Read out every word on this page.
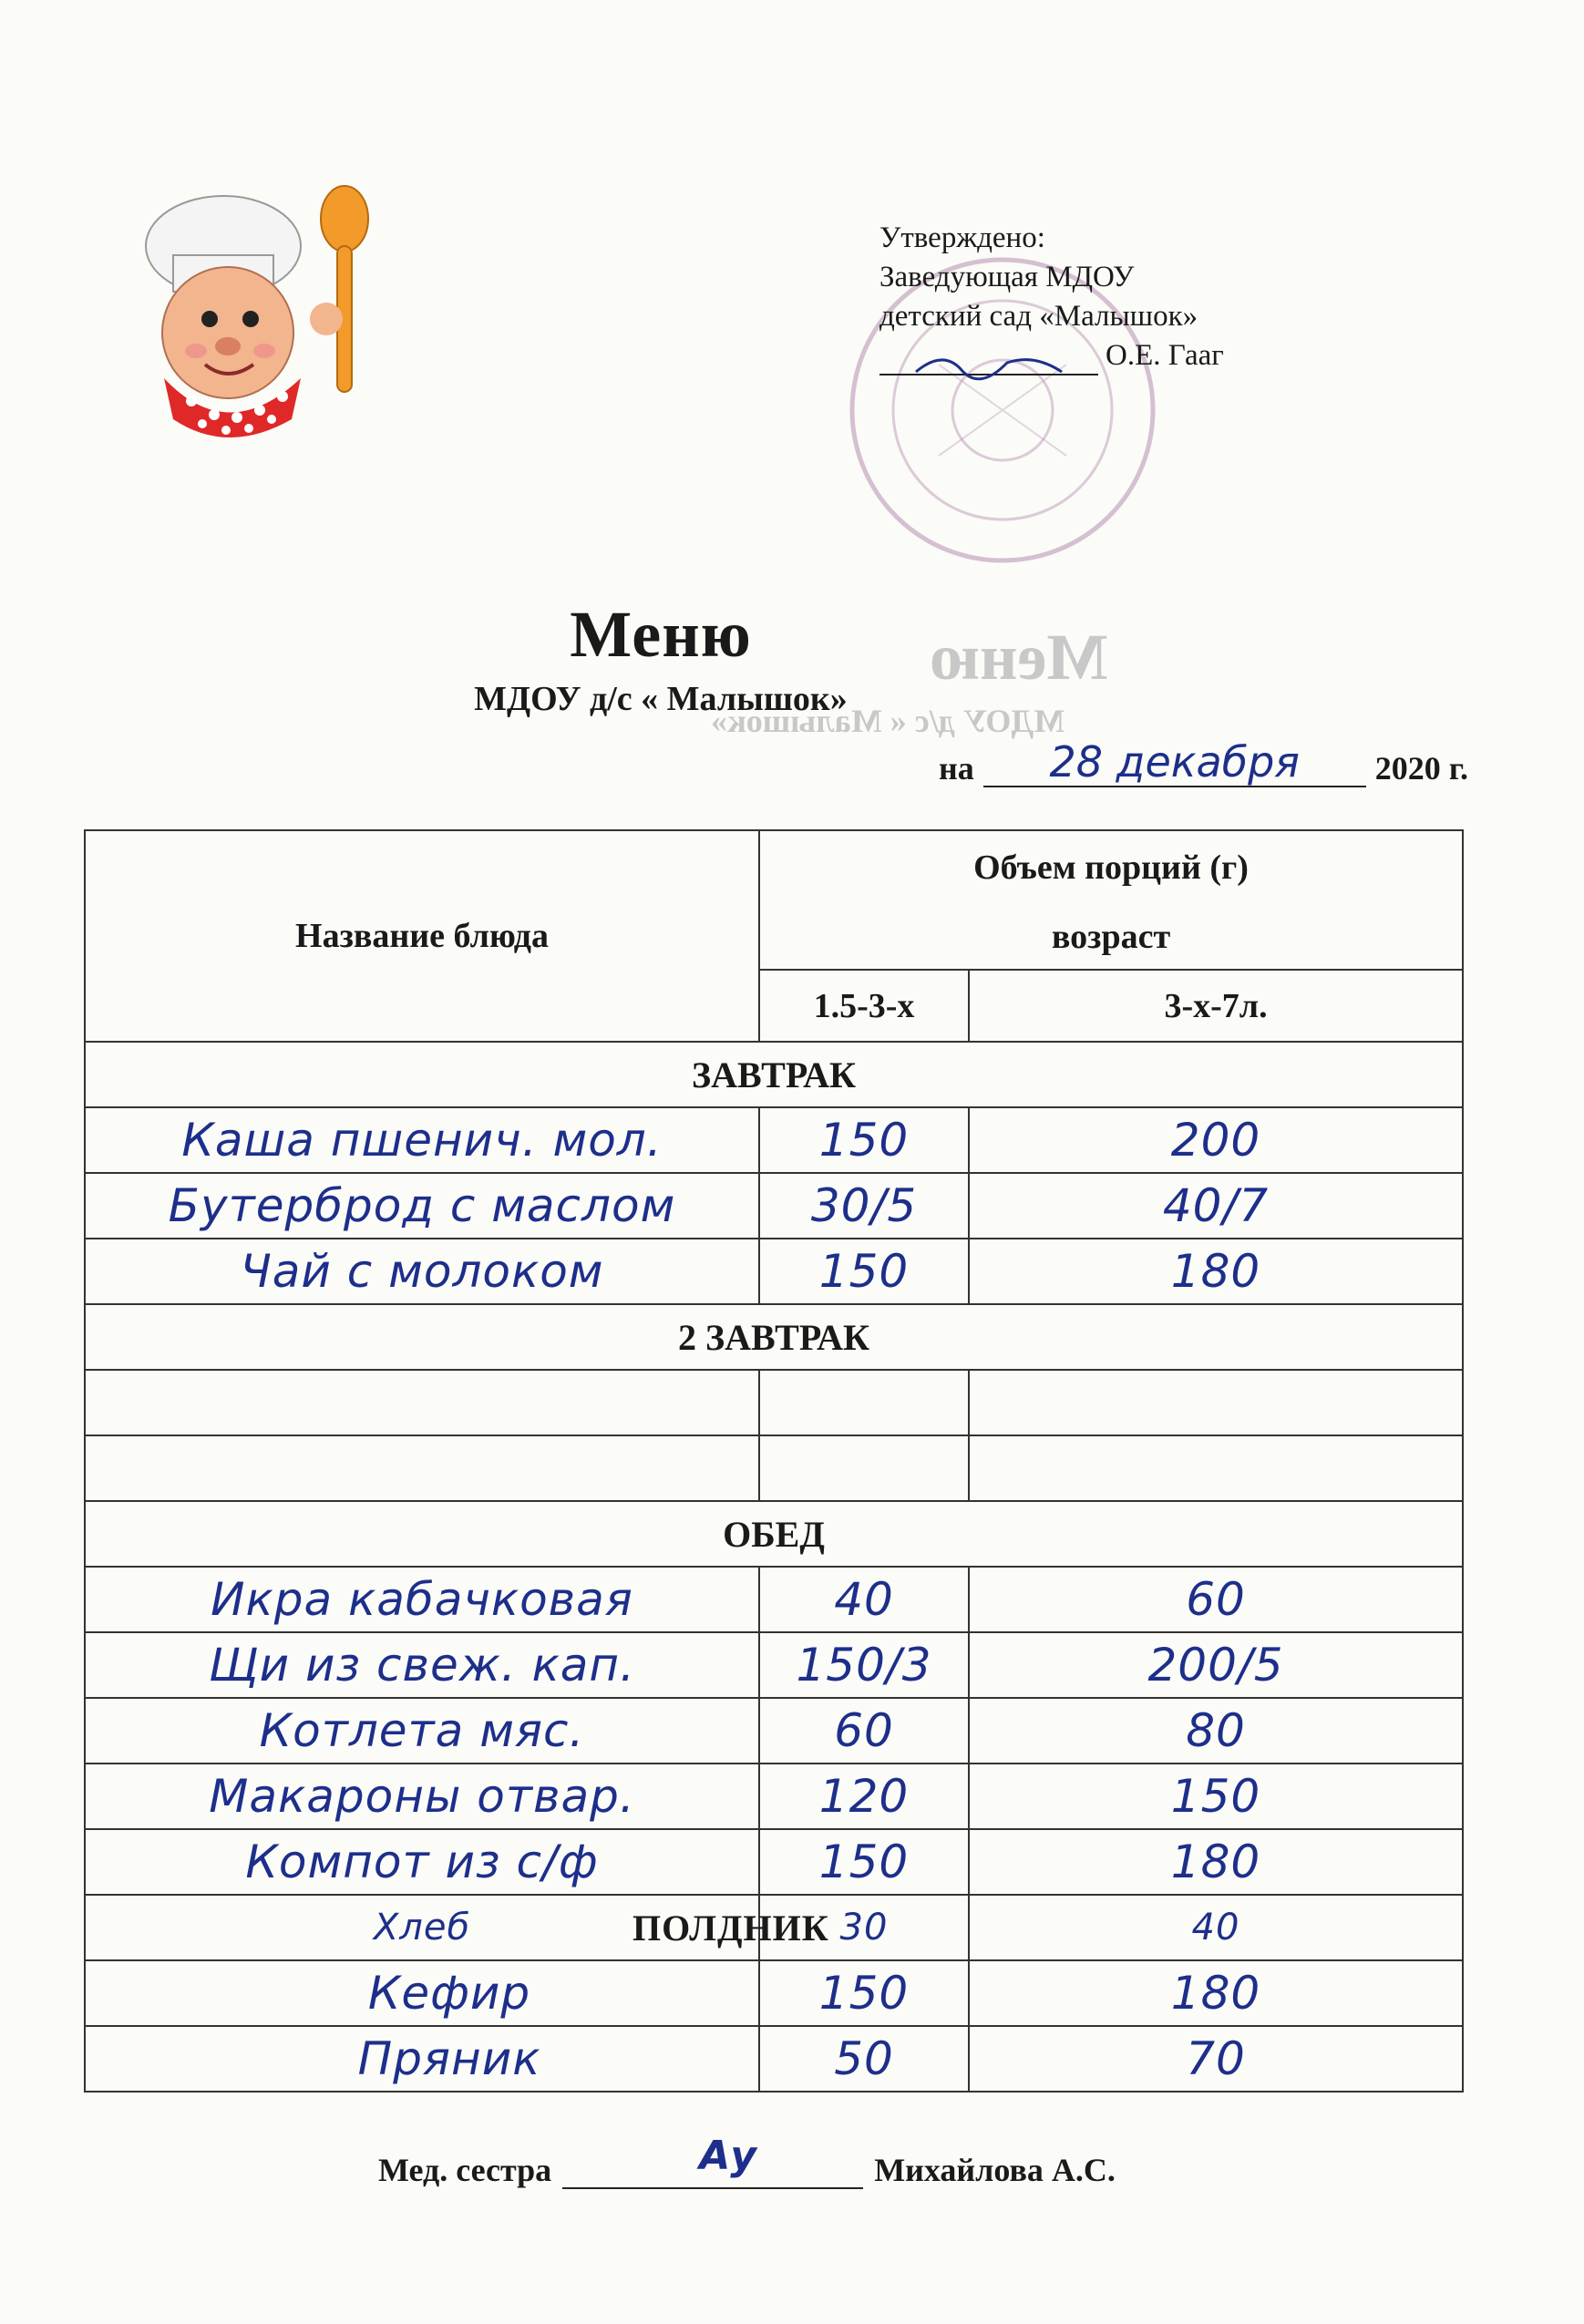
Меню
МДОУ д/с « Малышок»
Утверждено:
Заведующая МДОУ
детский сад «Малышок»
О.Е. Гааг
Меню
МДОУ д/с « Малышок»
на	28 декабря	2020 г.
Название блюда	Объем порций (г)	
	возраст	
	1.5-3-х	3-х-7л.
ЗАВТРАК		
Каша пшенич. мол.	150	200
Бутерброд с маслом	30/5	40/7
Чай с молоком	150	180
2 ЗАВТРАК		

ОБЕД		
Икра кабачковая	40	60
Щи из свеж. кап.	150/3	200/5
Котлета мяс.	60	80
Макароны отвар.	120	150
Компот из с/ф	150	180
Хлеб ПОЛДНИК	30	40
Кефир	150	180
Пряник	50	70
Мед. сестра	Ау	Михайлова А.С.
